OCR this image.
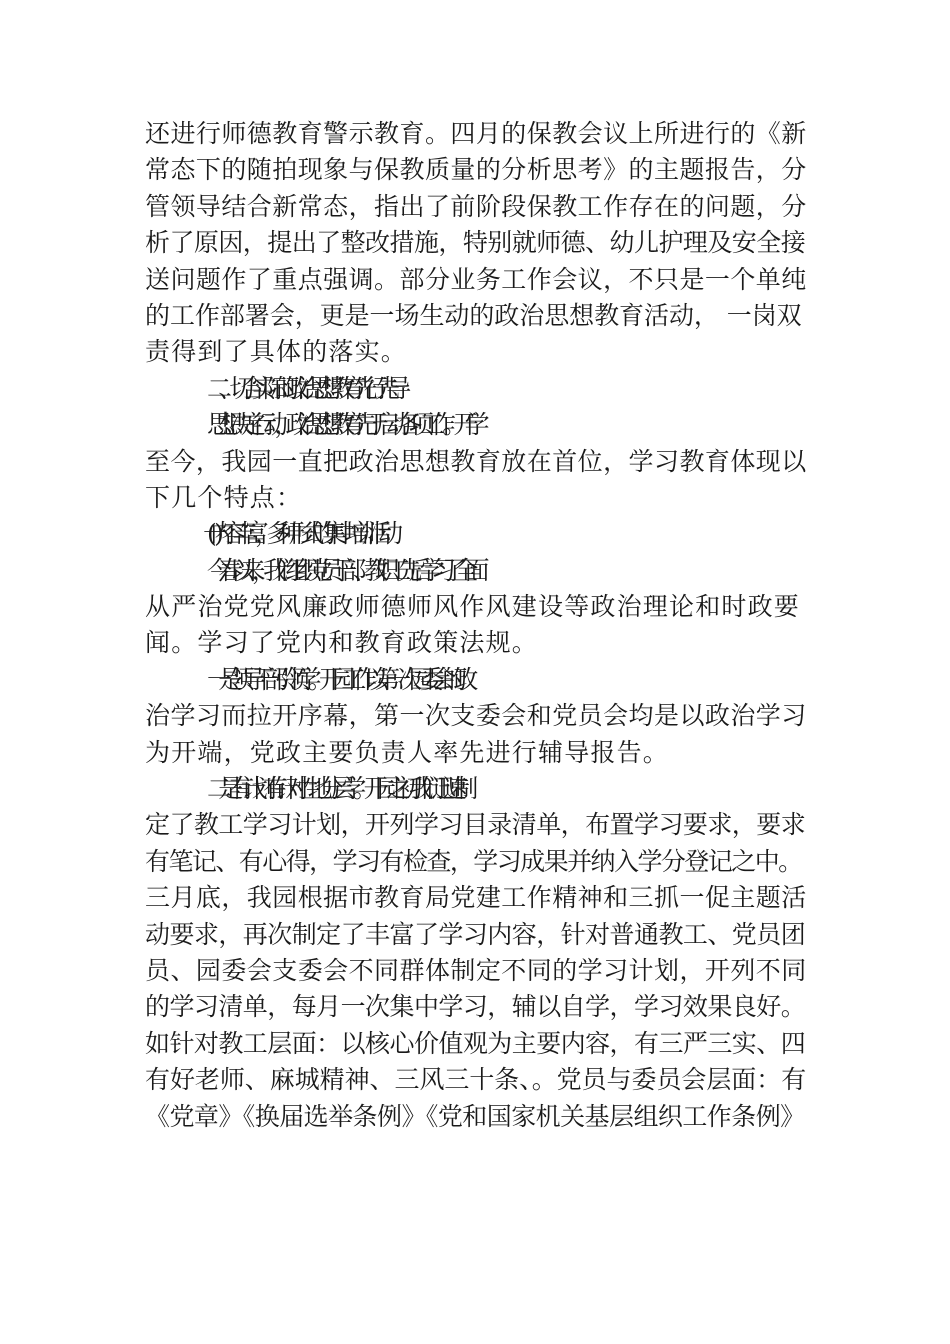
还进行师德教育警示教育。四月的保教会议上所进行的《新
常态下的随拍现象与保教质量的分析思考》的主题报告，分
管领导结合新常态，指出了前阶段保教工作存在的问题，分
析了原因，提出了整改措施，特别就师德、幼儿护理及安全接
送问题作了重点强调。部分业务工作会议，不只是一个单纯
的工作部署会，更是一场生动的政治思想教育活动， 一岗双
责得到了具体的落实。
二、切合实际的政治思想教育先行先导
思想决定行动，政治思想教育先于启动各项工作。开学
至今，我园一直把政治思想教育放在首位，学习教育体现以
下几个特点：
(一)内容丰富，多种形式的集中培训活动
今春以来，我们组织党员干部、教职工先后学习了全面
从严治党党风廉政师德师风作风建设等政治理论和时政要
闻。学习了党内和教育政策法规。
一是领导干部引领学。开园工作以第一次园委会的政
治学习而拉开序幕，第一次支委会和党员会均是以政治学习
为开端，党政主要负责人率先进行辅导报告。
二是有计划有针对性地分层学。开园之初我们迅速制
定了教工学习计划，开列学习目录清单，布置学习要求，要求
有笔记、有心得，学习有检查，学习成果并纳入学分登记之中。
三月底，我园根据市教育局党建工作精神和三抓一促主题活
动要求，再次制定了丰富了学习内容，针对普通教工、党员团
员、园委会支委会不同群体制定不同的学习计划，开列不同
的学习清单，每月一次集中学习，辅以自学，学习效果良好。
如针对教工层面：以核心价值观为主要内容，有三严三实、四
有好老师、麻城精神、三风三十条、。党员与委员会层面：有
《党章》《换届选举条例》《党和国家机关基层组织工作条例》
